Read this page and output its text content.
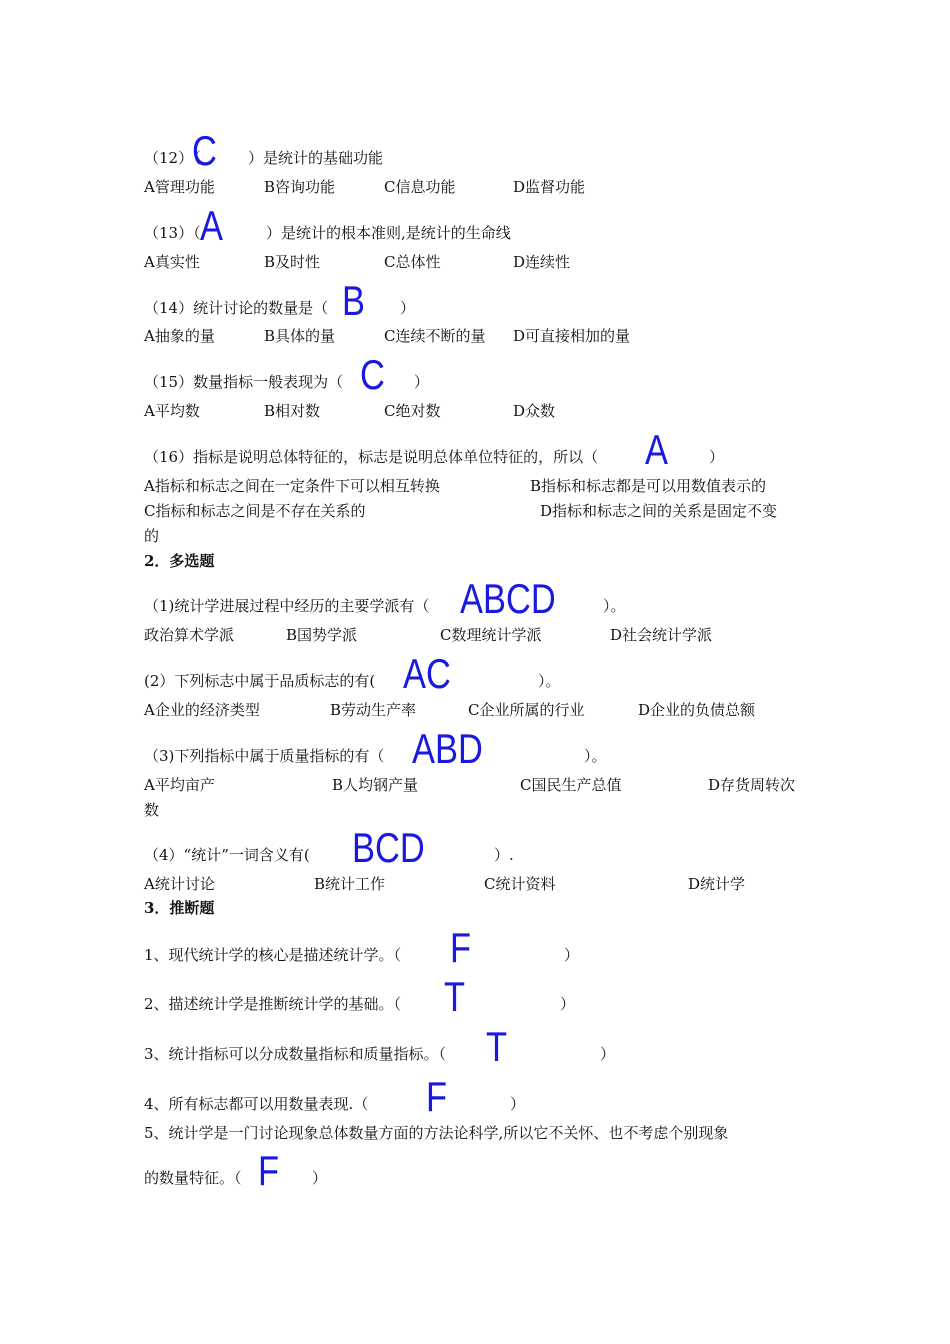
（12）（
C ）是统计的基础功能
A管理功能	B咨询功能	C信息功能	D监督功能
（13）（ A	）是统计的根本准则,是统计的生命线
A真实性	B及时性	C总体性	D连续性
（14）统计讨论的数量是（ B ）
A抽象的量	B具体的量	C连续不断的量 D可直接相加的量
（15）数量指标一般表现为（ C ）
A平均数	B相对数	C绝对数	D众数
（16）指标是说明总体特征的，标志是说明总体单位特征的，所以（ A	）
A指标和标志之间在一定条件下可以相互转换	B指标和标志都是可以用数值表示的
C指标和标志之间是不存在关系的	D指标和标志之间的关系是固定不变
的
2．多选题
（1)统计学进展过程中经历的主要学派有（ ABCD	）。
政治算术学派	B国势学派	C数理统计学派	D社会统计学派
(2）下列标志中属于品质标志的有( AC	）。
A企业的经济类型	B劳动生产率	C企业所属的行业	D企业的负债总额
（3)下列指标中属于质量指标的有（ ABD	）。
A平均亩产	B人均钢产量	C国民生产总值	D存货周转次
数
（4）“统计”一词含义有( BCD	）.
A统计讨论	B统计工作	C统计资料	D统计学
3．推断题
1、现代统计学的核心是描述统计学。（ F	）
2、描述统计学是推断统计学的基础。（ T	）
3、统计指标可以分成数量指标和质量指标。（ T	）
4、所有标志都可以用数量表现.（ F	）
5、统计学是一门讨论现象总体数量方面的方法论科学,所以它不关怀、也不考虑个别现象
的数量特征。（ F ）
